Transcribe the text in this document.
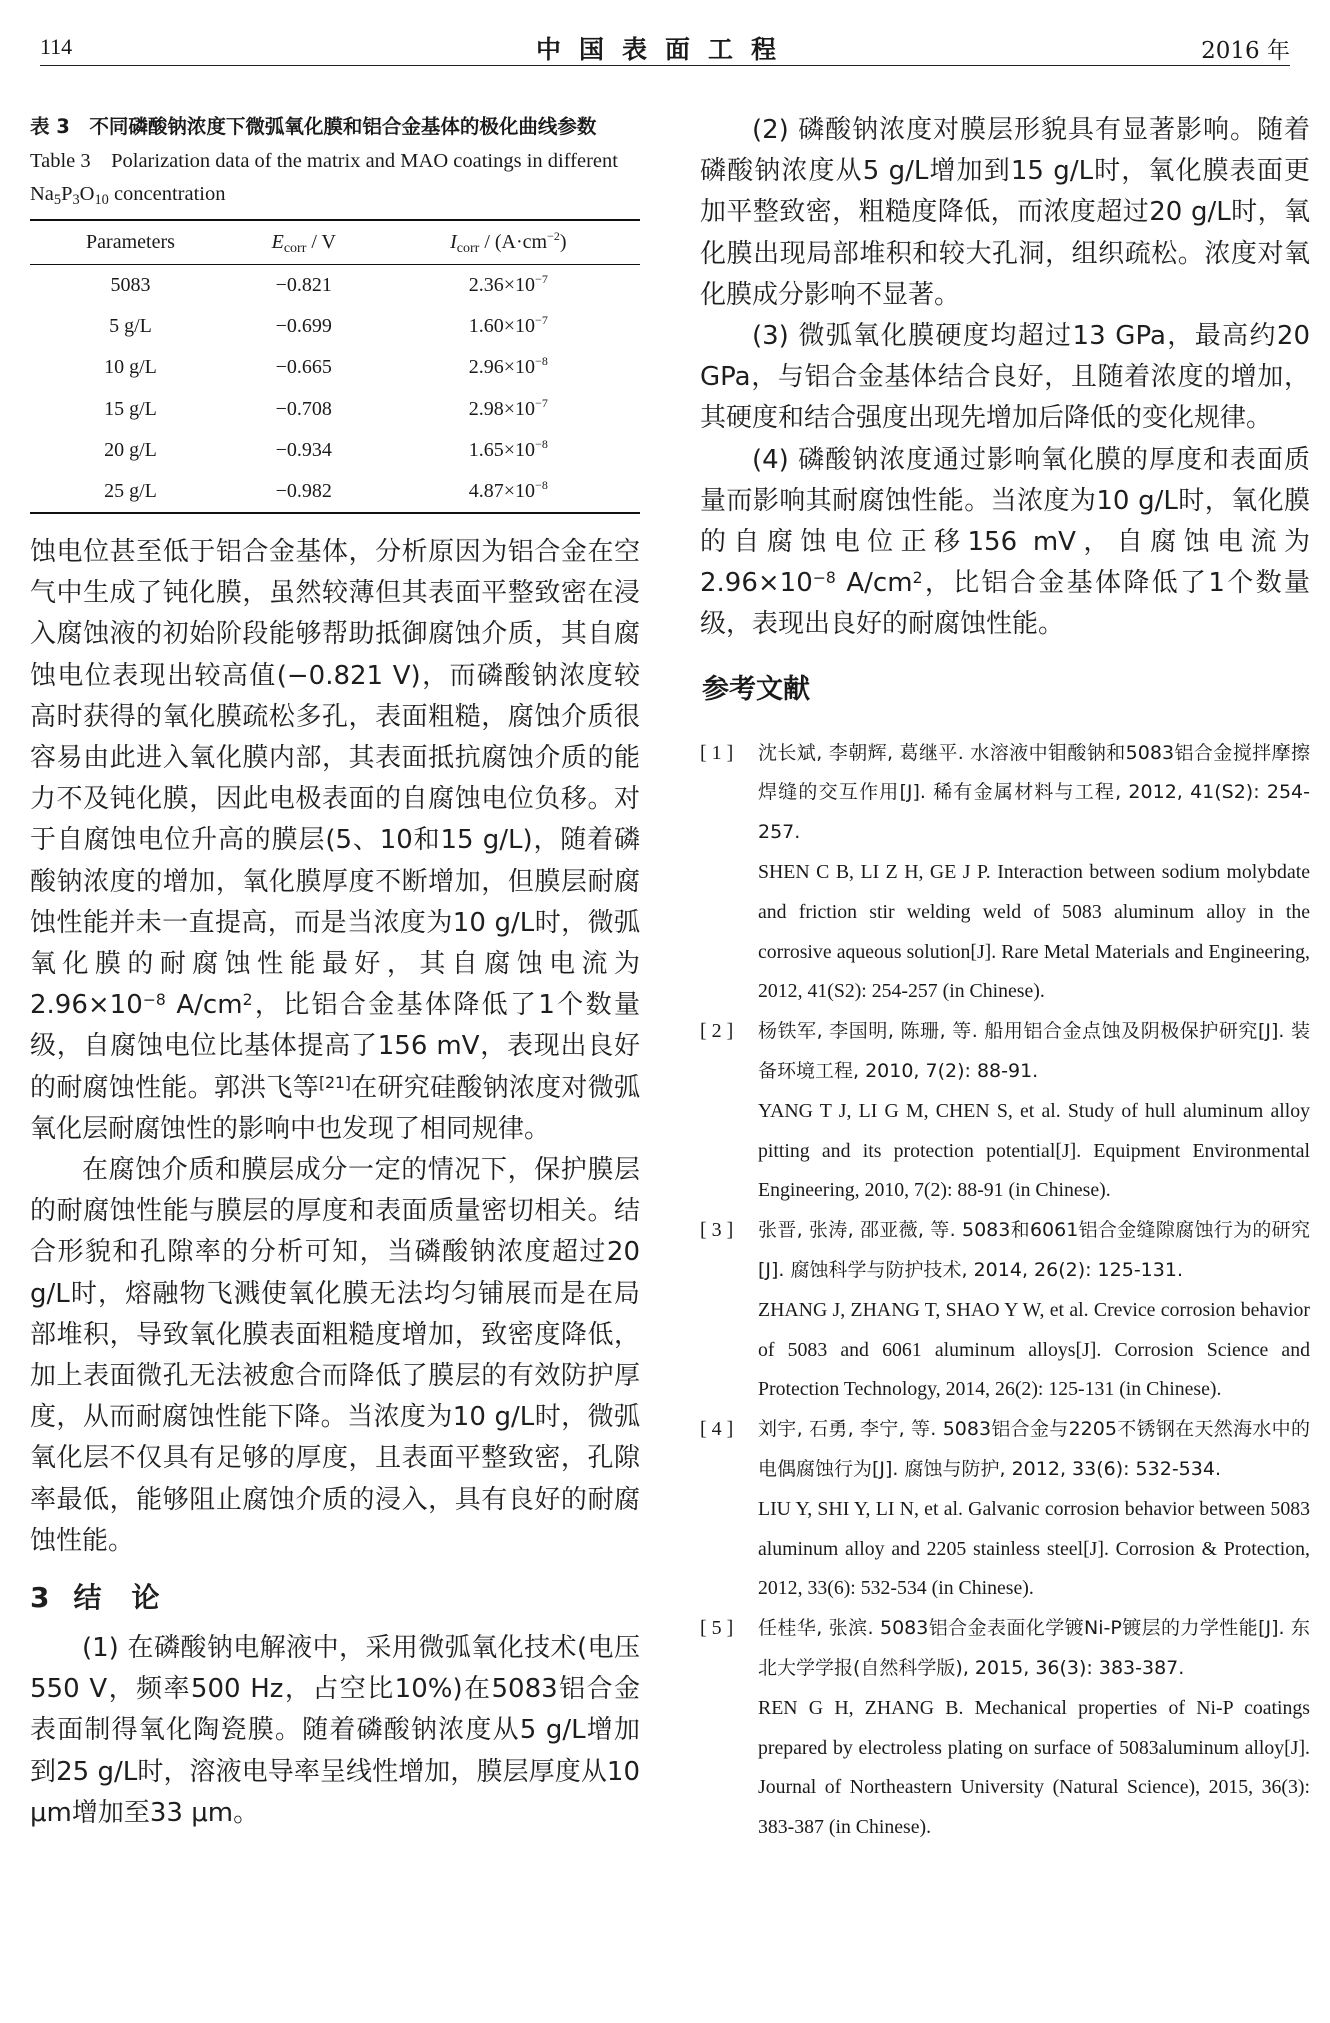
114	中国表面工程	2016 年
表 3　不同磷酸钠浓度下微弧氧化膜和铝合金基体的极化曲线参数
Table 3　Polarization data of the matrix and MAO coatings in different $Na_5P_3O_{10}$ concentration
Parameters	$E_{corr}$ / V	$I_{corr} / (A\cdot cm^{-2})$
5083	−0.821	$2.36\times 10^{-7}$
5 g/L	−0.699	$1.60\times 10^{-7}$
10 g/L	−0.665	$2.96\times 10^{-8}$
15 g/L	−0.708	$2.98\times 10^{-7}$
20 g/L	−0.934	$1.65\times 10^{-8}$
25 g/L	−0.982	$4.87\times 10^{-8}$

蚀电位甚至低于铝合金基体，分析原因为铝合金在空气中生成了钝化膜，虽然较薄但其表面平整致密在浸入腐蚀液的初始阶段能够帮助抵御腐蚀介质，其自腐蚀电位表现出较高值(−0.821 V)，而磷酸钠浓度较高时获得的氧化膜疏松多孔，表面粗糙，腐蚀介质很容易由此进入氧化膜内部，其表面抵抗腐蚀介质的能力不及钝化膜，因此电极表面的自腐蚀电位负移。对于自腐蚀电位升高的膜层(5、10和15 g/L)，随着磷酸钠浓度的增加，氧化膜厚度不断增加，但膜层耐腐蚀性能并未一直提高，而是当浓度为10 g/L时，微弧氧化膜的耐腐蚀性能最好，其自腐蚀电流为$2.96\times 10^{-8}$ $A/cm^2$，比铝合金基体降低了1个数量级，自腐蚀电位比基体提高了156 mV，表现出良好的耐腐蚀性能。郭洪飞等[21]在研究硅酸钠浓度对微弧氧化层耐腐蚀性的影响中也发现了相同规律。

在腐蚀介质和膜层成分一定的情况下，保护膜层的耐腐蚀性能与膜层的厚度和表面质量密切相关。结合形貌和孔隙率的分析可知，当磷酸钠浓度超过20 g/L时，熔融物飞溅使氧化膜无法均匀铺展而是在局部堆积，导致氧化膜表面粗糙度增加，致密度降低，加上表面微孔无法被愈合而降低了膜层的有效防护厚度，从而耐腐蚀性能下降。当浓度为10 g/L时，微弧氧化层不仅具有足够的厚度，且表面平整致密，孔隙率最低，能够阻止腐蚀介质的浸入，具有良好的耐腐蚀性能。

3 结 论

(1) 在磷酸钠电解液中，采用微弧氧化技术(电压550 V，频率500 Hz，占空比10%)在5083铝合金表面制得氧化陶瓷膜。随着磷酸钠浓度从5 g/L增加到25 g/L时，溶液电导率呈线性增加，膜层厚度从10 μm增加至33 μm。

(2) 磷酸钠浓度对膜层形貌具有显著影响。随着磷酸钠浓度从5 g/L增加到15 g/L时，氧化膜表面更加平整致密，粗糙度降低，而浓度超过20 g/L时，氧化膜出现局部堆积和较大孔洞，组织疏松。浓度对氧化膜成分影响不显著。

(3) 微弧氧化膜硬度均超过13 GPa，最高约20 GPa，与铝合金基体结合良好，且随着浓度的增加，其硬度和结合强度出现先增加后降低的变化规律。

(4) 磷酸钠浓度通过影响氧化膜的厚度和表面质量而影响其耐腐蚀性能。当浓度为10 g/L时，氧化膜的自腐蚀电位正移156 mV，自腐蚀电流为$2.96\times 10^{-8}$ $A/cm^2$，比铝合金基体降低了1个数量级，表现出良好的耐腐蚀性能。

参考文献
[ 1 ]	沈长斌, 李朝辉, 葛继平. 水溶液中钼酸钠和5083铝合金搅拌摩擦焊缝的交互作用[J]. 稀有金属材料与工程, 2012, 41(S2): 254-257.
SHEN C B, LI Z H, GE J P. Interaction between sodium molybdate and friction stir welding weld of 5083 aluminum alloy in the corrosive aqueous solution[J]. Rare Metal Materials and Engineering, 2012, 41(S2): 254-257 (in Chinese).
[ 2 ]	杨铁军, 李国明, 陈珊, 等. 船用铝合金点蚀及阴极保护研究[J]. 装备环境工程, 2010, 7(2): 88-91.
YANG T J, LI G M, CHEN S, et al. Study of hull aluminum alloy pitting and its protection potential[J]. Equipment Environmental Engineering, 2010, 7(2): 88-91 (in Chinese).
[ 3 ]	张晋, 张涛, 邵亚薇, 等. 5083和6061铝合金缝隙腐蚀行为的研究[J]. 腐蚀科学与防护技术, 2014, 26(2): 125-131.
ZHANG J, ZHANG T, SHAO Y W, et al. Crevice corrosion behavior of 5083 and 6061 aluminum alloys[J]. Corrosion Science and Protection Technology, 2014, 26(2): 125-131 (in Chinese).
[ 4 ]	刘宇, 石勇, 李宁, 等. 5083铝合金与2205不锈钢在天然海水中的电偶腐蚀行为[J]. 腐蚀与防护, 2012, 33(6): 532-534.
LIU Y, SHI Y, LI N, et al. Galvanic corrosion behavior between 5083 aluminum alloy and 2205 stainless steel[J]. Corrosion & Protection, 2012, 33(6): 532-534 (in Chinese).
[ 5 ]	任桂华, 张滨. 5083铝合金表面化学镀Ni-P镀层的力学性能[J]. 东北大学学报(自然科学版), 2015, 36(3): 383-387.
REN G H, ZHANG B. Mechanical properties of Ni-P coatings prepared by electroless plating on surface of 5083aluminum alloy[J]. Journal of Northeastern University (Natural Science), 2015, 36(3): 383-387 (in Chinese).
